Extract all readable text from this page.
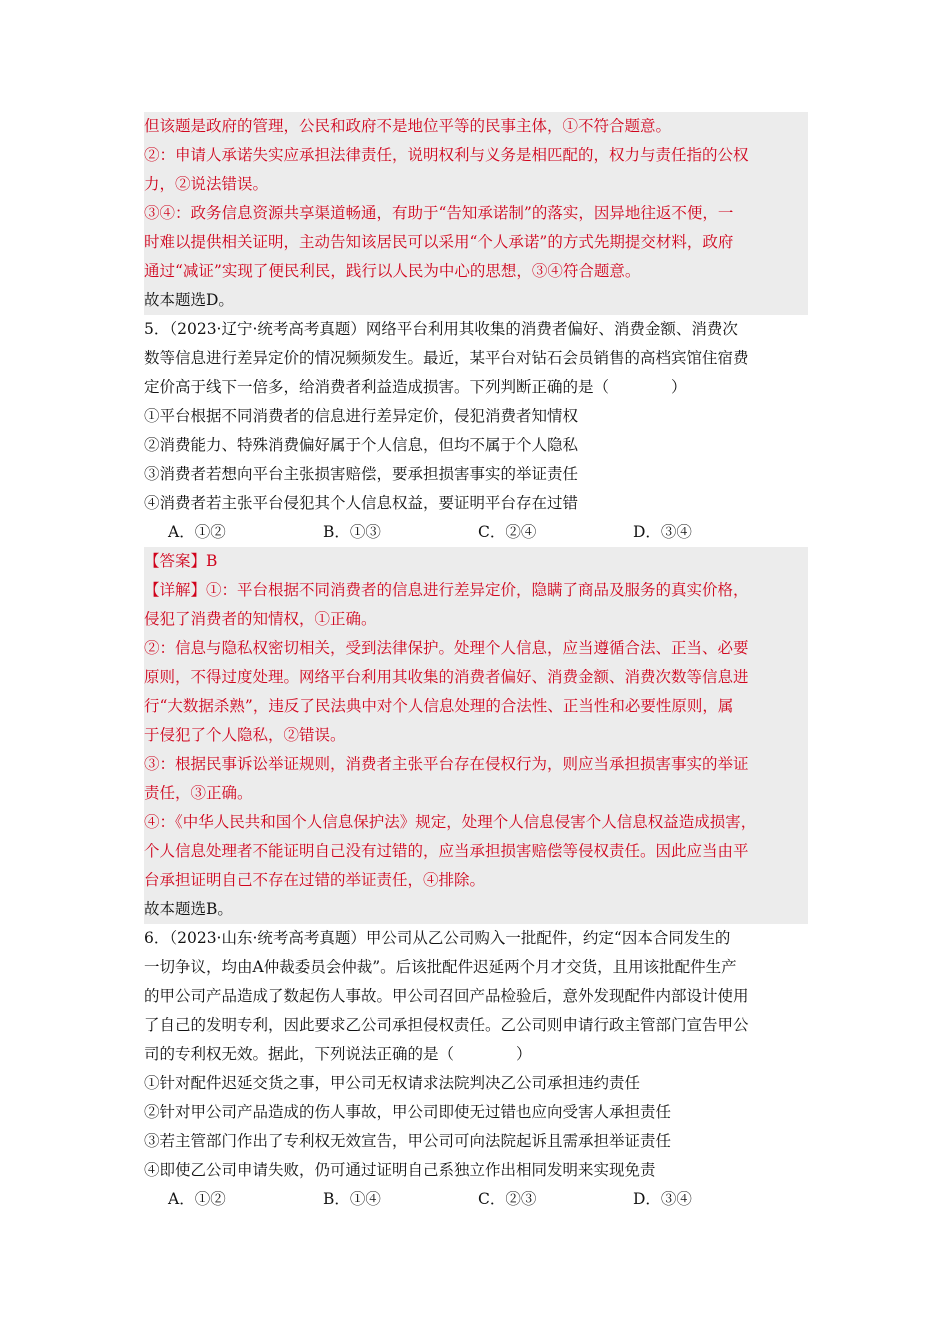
但该题是政府的管理，公民和政府不是地位平等的民事主体，①不符合题意。
②：申请人承诺失实应承担法律责任，说明权利与义务是相匹配的，权力与责任指的公权
力，②说法错误。
③④：政务信息资源共享渠道畅通，有助于“告知承诺制”的落实，因异地往返不便，一
时难以提供相关证明，主动告知该居民可以采用“个人承诺”的方式先期提交材料，政府
通过“减证”实现了便民利民，践行以人民为中心的思想，③④符合题意。
故本题选D。
5．（2023·辽宁·统考高考真题）网络平台利用其收集的消费者偏好、消费金额、消费次
数等信息进行差异定价的情况频频发生。最近，某平台对钻石会员销售的高档宾馆住宿费
定价高于线下一倍多，给消费者利益造成损害。下列判断正确的是（　　　　）
①平台根据不同消费者的信息进行差异定价，侵犯消费者知情权
②消费能力、特殊消费偏好属于个人信息，但均不属于个人隐私
③消费者若想向平台主张损害赔偿，要承担损害事实的举证责任
④消费者若主张平台侵犯其个人信息权益，要证明平台存在过错
A．①②	B．①③	C．②④	D．③④
【答案】B
【详解】①：平台根据不同消费者的信息进行差异定价，隐瞒了商品及服务的真实价格，
侵犯了消费者的知情权，①正确。
②：信息与隐私权密切相关，受到法律保护。处理个人信息，应当遵循合法、正当、必要
原则，不得过度处理。网络平台利用其收集的消费者偏好、消费金额、消费次数等信息进
行“大数据杀熟”，违反了民法典中对个人信息处理的合法性、正当性和必要性原则，属
于侵犯了个人隐私，②错误。
③：根据民事诉讼举证规则，消费者主张平台存在侵权行为，则应当承担损害事实的举证
责任，③正确。
④：《中华人民共和国个人信息保护法》规定，处理个人信息侵害个人信息权益造成损害，
个人信息处理者不能证明自己没有过错的，应当承担损害赔偿等侵权责任。因此应当由平
台承担证明自己不存在过错的举证责任，④排除。
故本题选B。
6．（2023·山东·统考高考真题）甲公司从乙公司购入一批配件，约定“因本合同发生的
一切争议，均由A仲裁委员会仲裁”。后该批配件迟延两个月才交货，且用该批配件生产
的甲公司产品造成了数起伤人事故。甲公司召回产品检验后，意外发现配件内部设计使用
了自己的发明专利，因此要求乙公司承担侵权责任。乙公司则申请行政主管部门宣告甲公
司的专利权无效。据此，下列说法正确的是（　　　　）
①针对配件迟延交货之事，甲公司无权请求法院判决乙公司承担违约责任
②针对甲公司产品造成的伤人事故，甲公司即使无过错也应向受害人承担责任
③若主管部门作出了专利权无效宣告，甲公司可向法院起诉且需承担举证责任
④即使乙公司申请失败，仍可通过证明自己系独立作出相同发明来实现免责
A．①②	B．①④	C．②③	D．③④
